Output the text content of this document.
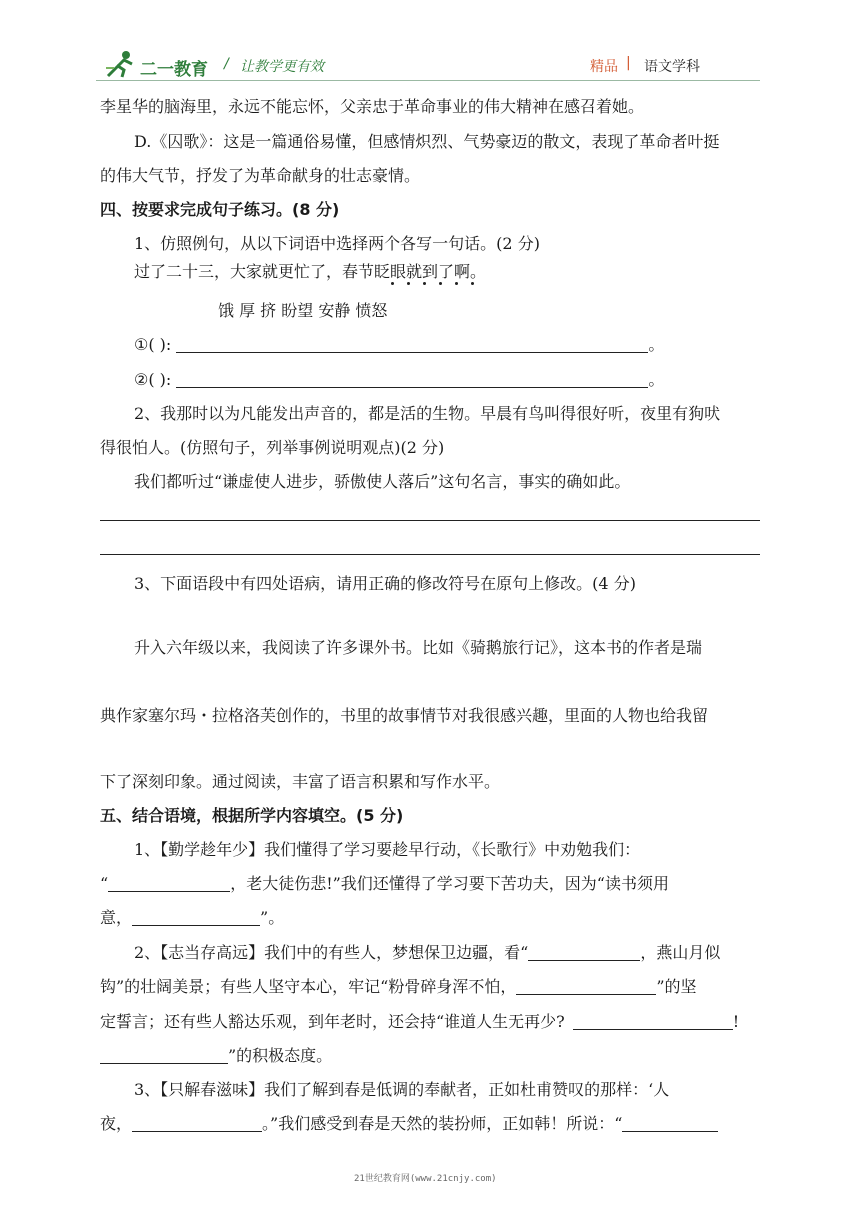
二一教育 / 让教学更有效	精品 | 语文学科
李星华的脑海里，永远不能忘怀，父亲忠于革命事业的伟大精神在感召着她。
D.《囚歌》：这是一篇通俗易懂，但感情炽烈、气势豪迈的散文，表现了革命者叶挺
的伟大气节，抒发了为革命献身的壮志豪情。
四、按要求完成句子练习。(8 分)
1、仿照例句，从以下词语中选择两个各写一句话。(2 分)
过了二十三，大家就更忙了，春节眨眼就到了啊。
饿 厚 挤 盼望 安静 愤怒
①( ):	。
②( ):	。
2、我那时以为凡能发出声音的，都是活的生物。早晨有鸟叫得很好听，夜里有狗吠
得很怕人。(仿照句子，列举事例说明观点)(2 分)
我们都听过“谦虚使人进步，骄傲使人落后”这句名言，事实的确如此。
3、下面语段中有四处语病，请用正确的修改符号在原句上修改。(4 分)
升入六年级以来，我阅读了许多课外书。比如《骑鹅旅行记》，这本书的作者是瑞
典作家塞尔玛・拉格洛芙创作的，书里的故事情节对我很感兴趣，里面的人物也给我留
下了深刻印象。通过阅读，丰富了语言积累和写作水平。
五、结合语境，根据所学内容填空。(5 分)
1、【勤学趁年少】我们懂得了学习要趁早行动，《长歌行》中劝勉我们：
“	，老大徒伤悲!”我们还懂得了学习要下苦功夫，因为“读书须用
意，	”。
2、【志当存高远】我们中的有些人，梦想保卫边疆，看“	，燕山月似
钩”的壮阔美景；有些人坚守本心，牢记“粉骨碎身浑不怕，	”的坚
定誓言；还有些人豁达乐观，到年老时，还会持“谁道人生无再少?	!
”的积极态度。
3、【只解春滋味】我们了解到春是低调的奉献者，正如杜甫赞叹的那样：‘人
夜，	。”我们感受到春是天然的装扮师，正如韩！所说：“
21世纪教育网(www.21cnjy.com)
